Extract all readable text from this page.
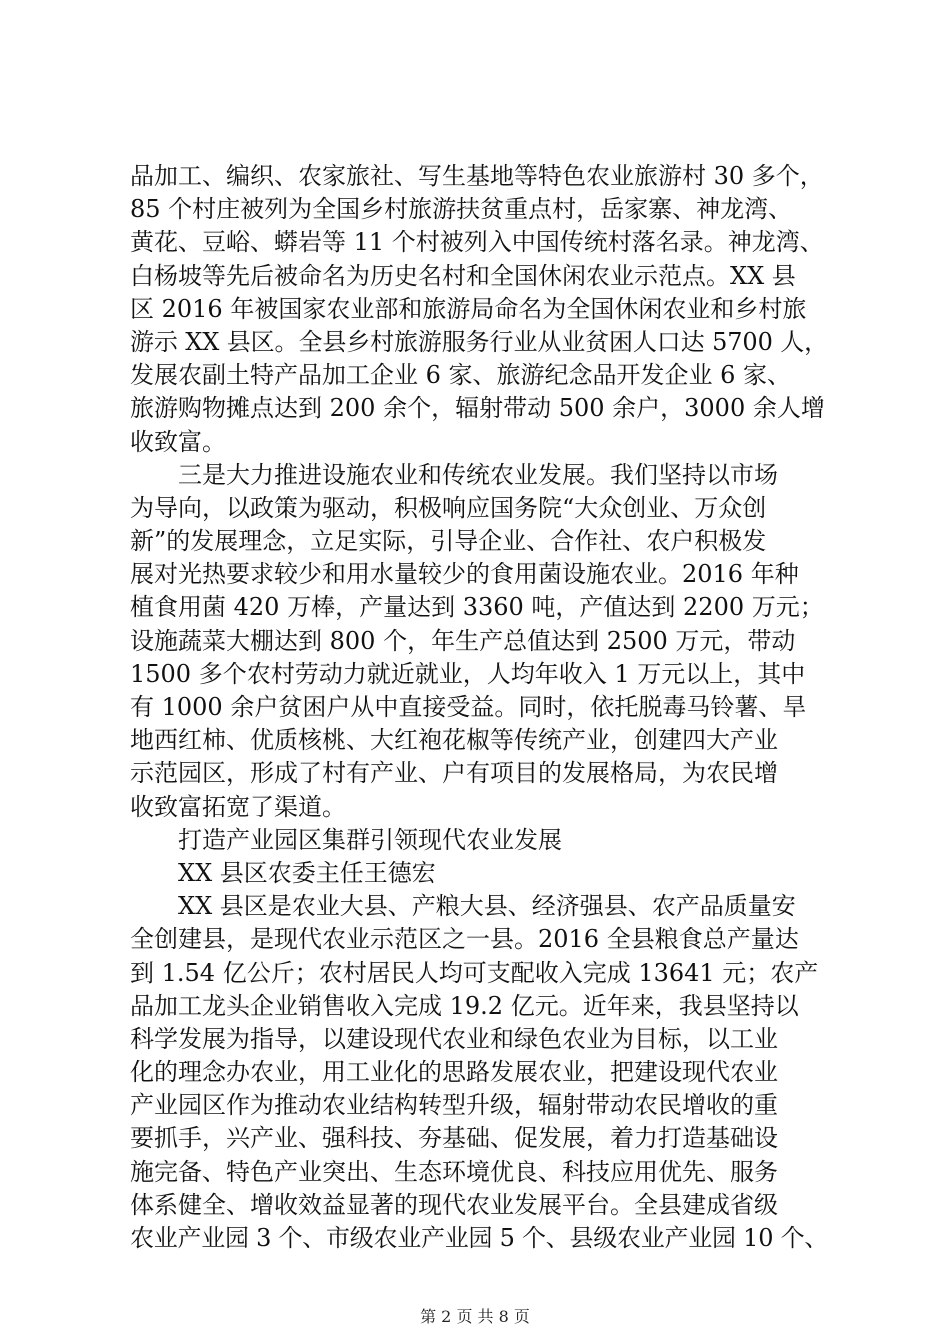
品加工、编织、农家旅社、写生基地等特色农业旅游村 30 多个，
85 个村庄被列为全国乡村旅游扶贫重点村，岳家寨、神龙湾、
黄花、豆峪、蟒岩等 11 个村被列入中国传统村落名录。神龙湾、
白杨坡等先后被命名为历史名村和全国休闲农业示范点。XX 县
区 2016 年被国家农业部和旅游局命名为全国休闲农业和乡村旅
游示 XX 县区。全县乡村旅游服务行业从业贫困人口达 5700 人，
发展农副土特产品加工企业 6 家、旅游纪念品开发企业 6 家、
旅游购物摊点达到 200 余个，辐射带动 500 余户，3000 余人增
收致富。
三是大力推进设施农业和传统农业发展。我们坚持以市场
为导向，以政策为驱动，积极响应国务院“大众创业、万众创
新”的发展理念，立足实际，引导企业、合作社、农户积极发
展对光热要求较少和用水量较少的食用菌设施农业。2016 年种
植食用菌 420 万棒，产量达到 3360 吨，产值达到 2200 万元；
设施蔬菜大棚达到 800 个，年生产总值达到 2500 万元，带动
1500 多个农村劳动力就近就业，人均年收入 1 万元以上，其中
有 1000 余户贫困户从中直接受益。同时，依托脱毒马铃薯、旱
地西红柿、优质核桃、大红袍花椒等传统产业，创建四大产业
示范园区，形成了村有产业、户有项目的发展格局，为农民增
收致富拓宽了渠道。
打造产业园区集群引领现代农业发展
XX 县区农委主任王德宏
XX 县区是农业大县、产粮大县、经济强县、农产品质量安
全创建县，是现代农业示范区之一县。2016 全县粮食总产量达
到 1.54 亿公斤；农村居民人均可支配收入完成 13641 元；农产
品加工龙头企业销售收入完成 19.2 亿元。近年来，我县坚持以
科学发展为指导，以建设现代农业和绿色农业为目标，以工业
化的理念办农业，用工业化的思路发展农业，把建设现代农业
产业园区作为推动农业结构转型升级，辐射带动农民增收的重
要抓手，兴产业、强科技、夯基础、促发展，着力打造基础设
施完备、特色产业突出、生态环境优良、科技应用优先、服务
体系健全、增收效益显著的现代农业发展平台。全县建成省级
农业产业园 3 个、市级农业产业园 5 个、县级农业产业园 10 个、
第 2 页 共 8 页
